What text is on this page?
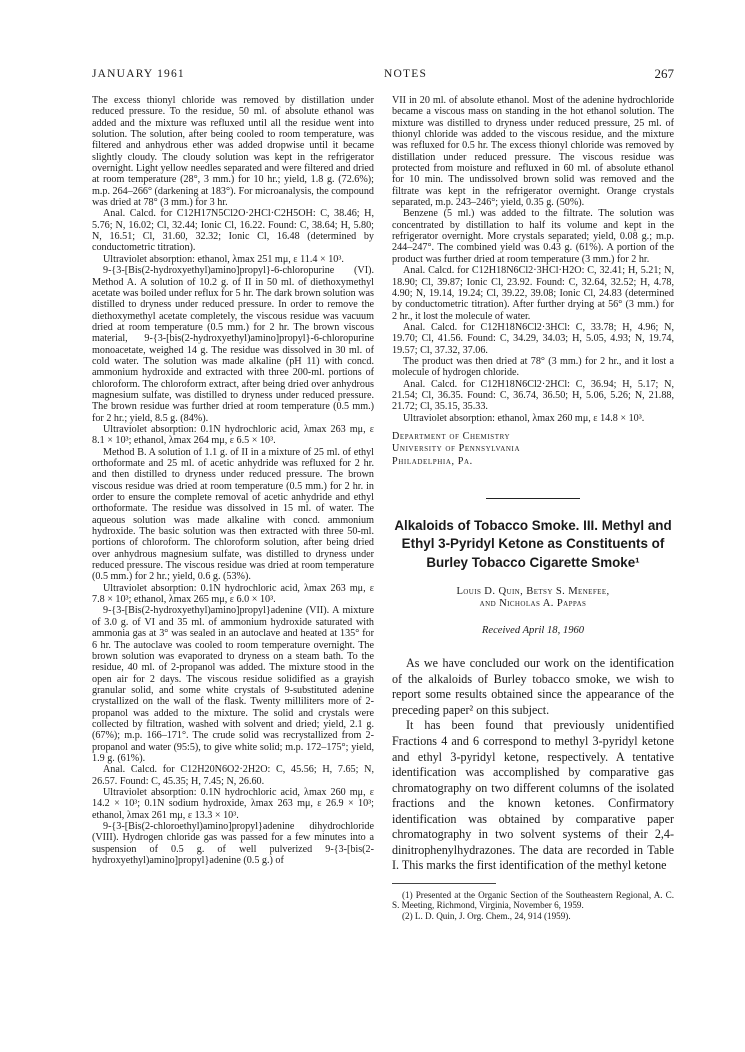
JANUARY 1961	NOTES	267

The excess thionyl chloride was removed by distillation under reduced pressure. To the residue, 50 ml. of absolute ethanol was added and the mixture was refluxed until all the residue went into solution. The solution, after being cooled to room temperature, was filtered and anhydrous ether was added dropwise until it became slightly cloudy. The cloudy solution was kept in the refrigerator overnight. Light yellow needles separated and were filtered and dried at room temperature (28°, 3 mm.) for 10 hr.; yield, 1.8 g. (72.6%); m.p. 264–266° (darkening at 183°). For microanalysis, the compound was dried at 78° (3 mm.) for 3 hr.

Anal. Calcd. for C12H17N5Cl2O·2HCl·C2H5OH: C, 38.46; H, 5.76; N, 16.02; Cl, 32.44; Ionic Cl, 16.22. Found: C, 38.64; H, 5.80; N, 16.51; Cl, 31.60, 32.32; Ionic Cl, 16.48 (determined by conductometric titration).

Ultraviolet absorption: ethanol, λmax 251 mμ, ε 11.4 × 10³.

9-{3-[Bis(2-hydroxyethyl)amino]propyl}-6-chloropurine (VI). Method A. A solution of 10.2 g. of II in 50 ml. of diethoxymethyl acetate was boiled under reflux for 5 hr. The dark brown solution was distilled to dryness under reduced pressure. In order to remove the diethoxymethyl acetate completely, the viscous residue was vacuum dried at room temperature (0.5 mm.) for 2 hr. The brown viscous material, 9-{3-[bis(2-hydroxyethyl)amino]propyl}-6-chloropurine monoacetate, weighed 14 g. The residue was dissolved in 30 ml. of cold water. The solution was made alkaline (pH 11) with concd. ammonium hydroxide and extracted with three 200-ml. portions of chloroform. The chloroform extract, after being dried over anhydrous magnesium sulfate, was distilled to dryness under reduced pressure. The brown residue was further dried at room temperature (0.5 mm.) for 2 hr.; yield, 8.5 g. (84%).

Ultraviolet absorption: 0.1N hydrochloric acid, λmax 263 mμ, ε 8.1 × 10³; ethanol, λmax 264 mμ, ε 6.5 × 10³.

Method B. A solution of 1.1 g. of II in a mixture of 25 ml. of ethyl orthoformate and 25 ml. of acetic anhydride was refluxed for 2 hr. and then distilled to dryness under reduced pressure. The brown viscous residue was dried at room temperature (0.5 mm.) for 2 hr. in order to ensure the complete removal of acetic anhydride and ethyl orthoformate. The residue was dissolved in 15 ml. of water. The aqueous solution was made alkaline with concd. ammonium hydroxide. The basic solution was then extracted with three 50-ml. portions of chloroform. The chloroform solution, after being dried over anhydrous magnesium sulfate, was distilled to dryness under reduced pressure. The viscous residue was dried at room temperature (0.5 mm.) for 2 hr.; yield, 0.6 g. (53%).

Ultraviolet absorption: 0.1N hydrochloric acid, λmax 263 mμ, ε 7.8 × 10³; ethanol, λmax 265 mμ, ε 6.0 × 10³.

9-{3-[Bis(2-hydroxyethyl)amino]propyl}adenine (VII). A mixture of 3.0 g. of VI and 35 ml. of ammonium hydroxide saturated with ammonia gas at 3° was sealed in an autoclave and heated at 135° for 6 hr. The autoclave was cooled to room temperature overnight. The brown solution was evaporated to dryness on a steam bath. To the residue, 40 ml. of 2-propanol was added. The mixture stood in the open air for 2 days. The viscous residue solidified as a grayish granular solid, and some white crystals of 9-substituted adenine crystallized on the wall of the flask. Twenty milliliters more of 2-propanol was added to the mixture. The solid and crystals were collected by filtration, washed with solvent and dried; yield, 2.1 g. (67%); m.p. 166–171°. The crude solid was recrystallized from 2-propanol and water (95:5), to give white solid; m.p. 172–175°; yield, 1.9 g. (61%).

Anal. Calcd. for C12H20N6O2·2H2O: C, 45.56; H, 7.65; N, 26.57. Found: C, 45.35; H, 7.45; N, 26.60.

Ultraviolet absorption: 0.1N hydrochloric acid, λmax 260 mμ, ε 14.2 × 10³; 0.1N sodium hydroxide, λmax 263 mμ, ε 26.9 × 10³; ethanol, λmax 261 mμ, ε 13.3 × 10³.

9-{3-[Bis(2-chloroethyl)amino]propyl}adenine dihydrochloride (VIII). Hydrogen chloride gas was passed for a few minutes into a suspension of 0.5 g. of well pulverized 9-{3-[bis(2-hydroxyethyl)amino]propyl}adenine (0.5 g.) of

VII in 20 ml. of absolute ethanol. Most of the adenine hydrochloride became a viscous mass on standing in the hot ethanol solution. The mixture was distilled to dryness under reduced pressure, 25 ml. of thionyl chloride was added to the viscous residue, and the mixture was refluxed for 0.5 hr. The excess thionyl chloride was removed by distillation under reduced pressure. The viscous residue was protected from moisture and refluxed in 60 ml. of absolute ethanol for 10 min. The undissolved brown solid was removed and the filtrate was kept in the refrigerator overnight. Orange crystals separated, m.p. 243–246°; yield, 0.35 g. (50%).

Benzene (5 ml.) was added to the filtrate. The solution was concentrated by distillation to half its volume and kept in the refrigerator overnight. More crystals separated; yield, 0.08 g.; m.p. 244–247°. The combined yield was 0.43 g. (61%). A portion of the product was further dried at room temperature (3 mm.) for 2 hr.

Anal. Calcd. for C12H18N6Cl2·3HCl·H2O: C, 32.41; H, 5.21; N, 18.90; Cl, 39.87; Ionic Cl, 23.92. Found: C, 32.64, 32.52; H, 4.78, 4.90; N, 19.14, 19.24; Cl, 39.22, 39.08; Ionic Cl, 24.83 (determined by conductometric titration). After further drying at 56° (3 mm.) for 2 hr., it lost the molecule of water.

Anal. Calcd. for C12H18N6Cl2·3HCl: C, 33.78; H, 4.96; N, 19.70; Cl, 41.56. Found: C, 34.29, 34.03; H, 5.05, 4.93; N, 19.74, 19.57; Cl, 37.32, 37.06.

The product was then dried at 78° (3 mm.) for 2 hr., and it lost a molecule of hydrogen chloride.

Anal. Calcd. for C12H18N6Cl2·2HCl: C, 36.94; H, 5.17; N, 21.54; Cl, 36.35. Found: C, 36.74, 36.50; H, 5.06, 5.26; N, 21.88, 21.72; Cl, 35.15, 35.33.

Ultraviolet absorption: ethanol, λmax 260 mμ, ε 14.8 × 10³.

Department of Chemistry

University of Pennsylvania

Philadelphia, Pa.

Alkaloids of Tobacco Smoke. III. Methyl and
Ethyl 3-Pyridyl Ketone as Constituents of
Burley Tobacco Cigarette Smoke¹

Louis D. Quin, Betsy S. Menefee,

and Nicholas A. Pappas

Received April 18, 1960

As we have concluded our work on the identification of the alkaloids of Burley tobacco smoke, we wish to report some results obtained since the appearance of the preceding paper² on this subject.

It has been found that previously unidentified Fractions 4 and 6 correspond to methyl 3-pyridyl ketone and ethyl 3-pyridyl ketone, respectively. A tentative identification was accomplished by comparative gas chromatography on two different columns of the isolated fractions and the known ketones. Confirmatory identification was obtained by comparative paper chromatography in two solvent systems of their 2,4-dinitrophenylhydrazones. The data are recorded in Table I. This marks the first identification of the methyl ketone

(1) Presented at the Organic Section of the Southeastern Regional, A. C. S. Meeting, Richmond, Virginia, November 6, 1959.

(2) L. D. Quin, J. Org. Chem., 24, 914 (1959).
